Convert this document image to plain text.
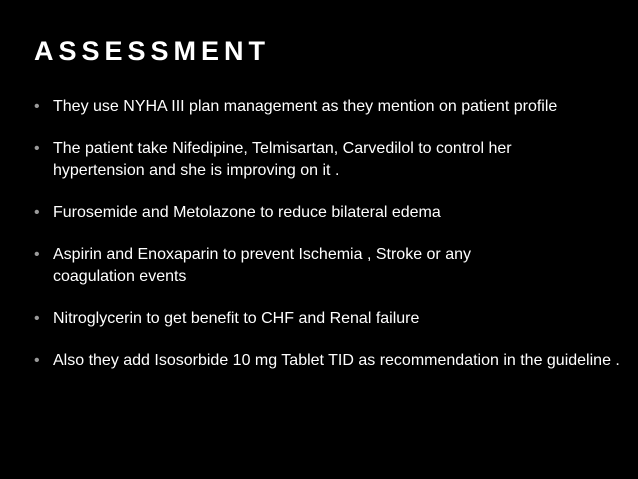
ASSESSMENT
• They use NYHA III plan management as they mention on patient profile
• The patient take Nifedipine, Telmisartan, Carvedilol to control her hypertension and she is improving on it .
• Furosemide and Metolazone to reduce bilateral edema
• Aspirin and Enoxaparin to prevent Ischemia , Stroke or any coagulation events
• Nitroglycerin to get benefit to CHF and Renal failure
• Also they add Isosorbide 10 mg Tablet TID as recommendation in the guideline .
